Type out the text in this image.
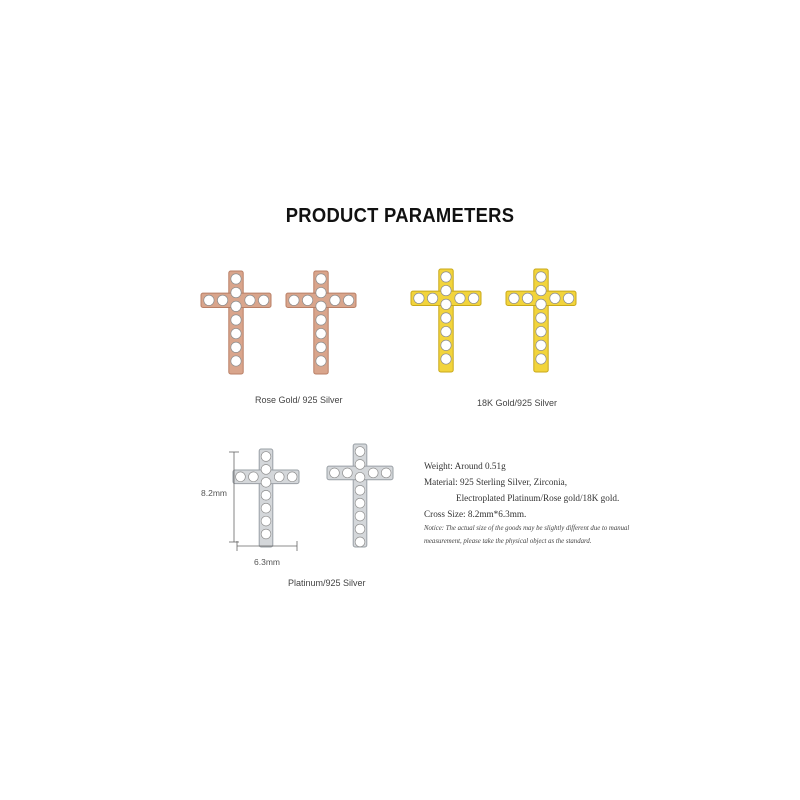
PRODUCT PARAMETERS
Rose Gold/ 925 Silver	18K Gold/925 Silver
Platinum/925 Silver
8.2mm
6.3mm
Weight: Around 0.51g
Material: 925 Sterling Silver, Zirconia,
Electroplated Platinum/Rose gold/18K gold.
Cross Size: 8.2mm*6.3mm.
Notice: The actual size of the goods may be slightly different due to manual measurement, please take the physical object as the standard.
